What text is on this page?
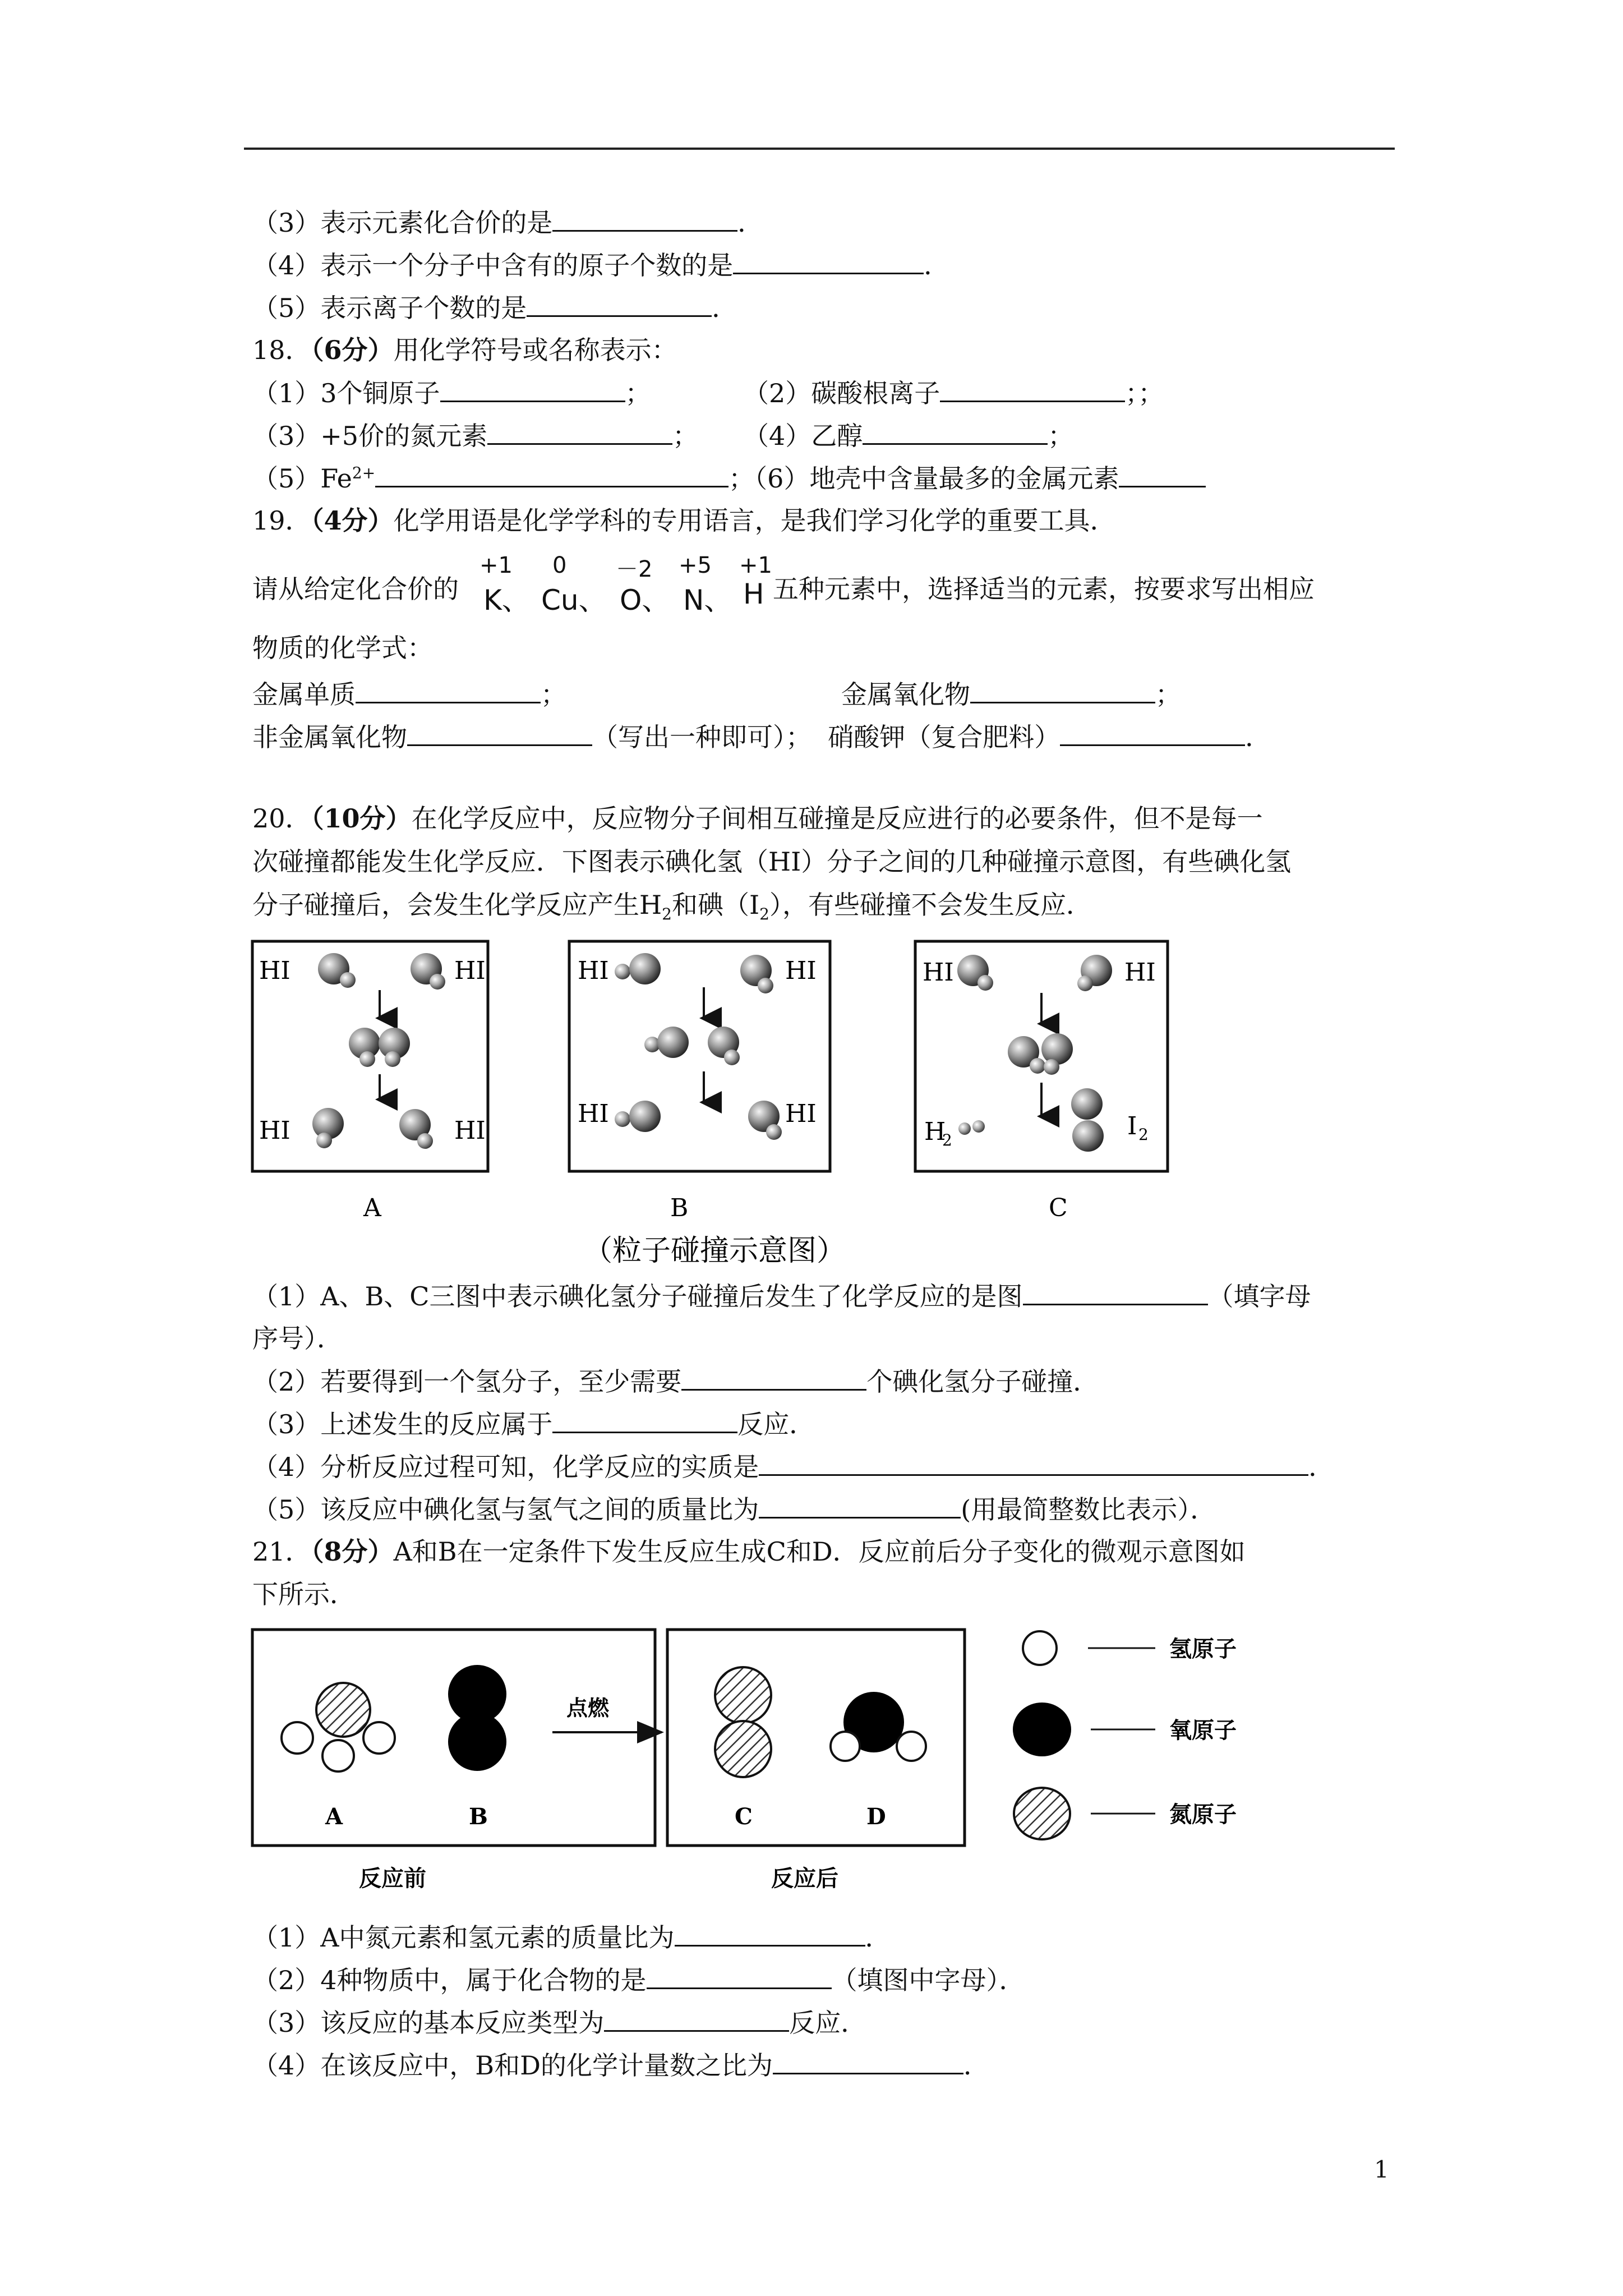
（3）表示元素化合价的是	．
（4）表示一个分子中含有的原子个数的是	．
（5）表示离子个数的是	．
18．（6分）用化学符号或名称表示：
（1）3个铜原子	；	（2）碳酸根离子	；；
（3）+5价的氮元素	； （4）乙醇	；
$(5)Fe^{2+}$	；（6）地壳中含量最多的金属元素
19．（4分）化学用语是化学学科的专用语言，是我们学习化学的重要工具．
请从给定化合价的
+1 0 －2 +5 +1
K、 Cu、 O、 N、 H 五种元素中，选择适当的元素，按要求写出相应
物质的化学式：
金属单质	；	金属氧化物	；
非金属氧化物	（写出一种即可）； 硝酸钾（复合肥料）	．
20．（10分）在化学反应中，反应物分子间相互碰撞是反应进行的必要条件，但不是每一
次碰撞都能发生化学反应．下图表示碘化氢（HI）分子之间的几种碰撞示意图，有些碘化氢
分子碰撞后，会发生化学反应产生$H_2$和碘$(I_2)$，有些碰撞不会发生反应．
HI	HI
HI	HI
A
HI	HI
HI	HI
B
HI	HI
H
2	I 2
C
（粒子碰撞示意图）
A	B
点燃
C	D
反应前	反应后
氢原子
氧原子
氮原子
（1）A、B、C三图中表示碘化氢分子碰撞后发生了化学反应的是图	（填字母
序号）．
（2）若要得到一个氢分子，至少需要	个碘化氢分子碰撞．
（3）上述发生的反应属于	反应．
（4）分析反应过程可知，化学反应的实质是	．
（5）该反应中碘化氢与氢气之间的质量比为	(用最简整数比表示）．
21．（8分）A和B在一定条件下发生反应生成C和D．反应前后分子变化的微观示意图如
下所示．
（1）A中氮元素和氢元素的质量比为	．
（2）4种物质中，属于化合物的是	（填图中字母）．
（3）该反应的基本反应类型为	反应．
（4）在该反应中，B和D的化学计量数之比为	．
1
